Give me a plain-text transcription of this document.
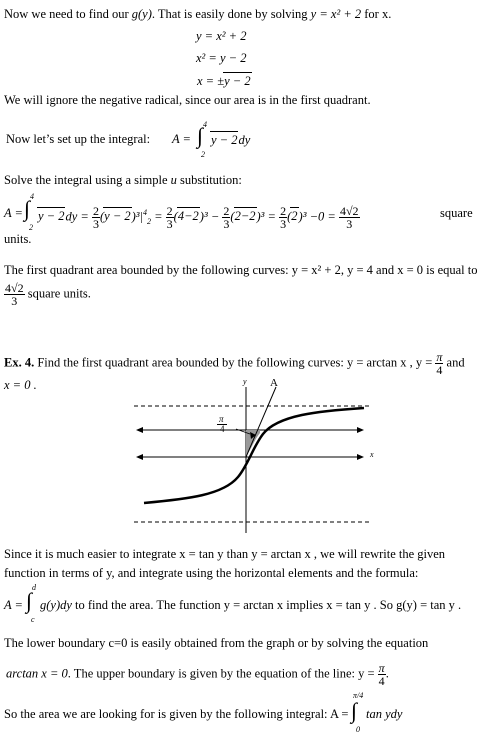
Now we need to find our g(y). That is easily done by solving y = x² + 2 for x.
y = x² + 2
x² = y − 2
x = ±y − 2
We will ignore the negative radical, since our area is in the first quadrant.
Now let’s set up the integral: A = ∫ 4
2
y − 2dy
Solve the integral using a simple u substitution:
A = ∫ 4
2
$y - 2dy = \frac{2}{3} (y - 2)^3|^4_2 = \frac{2}{3} (4-2)^3 - \frac{2}{3} (2-2)^3 = \frac{2}{3} (2)^3 -0 = \frac{4√2}{3}$	square
units.
The first quadrant area bounded by the following curves: y = x² + 2, y = 4 and x = 0 is equal to
$\frac{4√2}{3}$ square units.
Ex. 4. Find the first quadrant area bounded by the following curves: y = arctan x , $y = \frac{\pi}{4}$ and
x = 0 .	A
y
x
π
4
Since it is much easier to integrate x = tan y than y = arctan x , we will rewrite the given
function in terms of y, and integrate using the horizontal elements and the formula:
A = ∫
d
c
g(y)dy to find the area. The function y = arctan x implies x = tan y . So g(y) = tan y .
The lower boundary c=0 is easily obtained from the graph or by solving the equation
arctan x = 0. The upper boundary is given by the equation of the line: $y = \frac{\pi}{4}$ .
So the area we are looking for is given by the following integral: A = ∫
π/4
0
tan ydy
